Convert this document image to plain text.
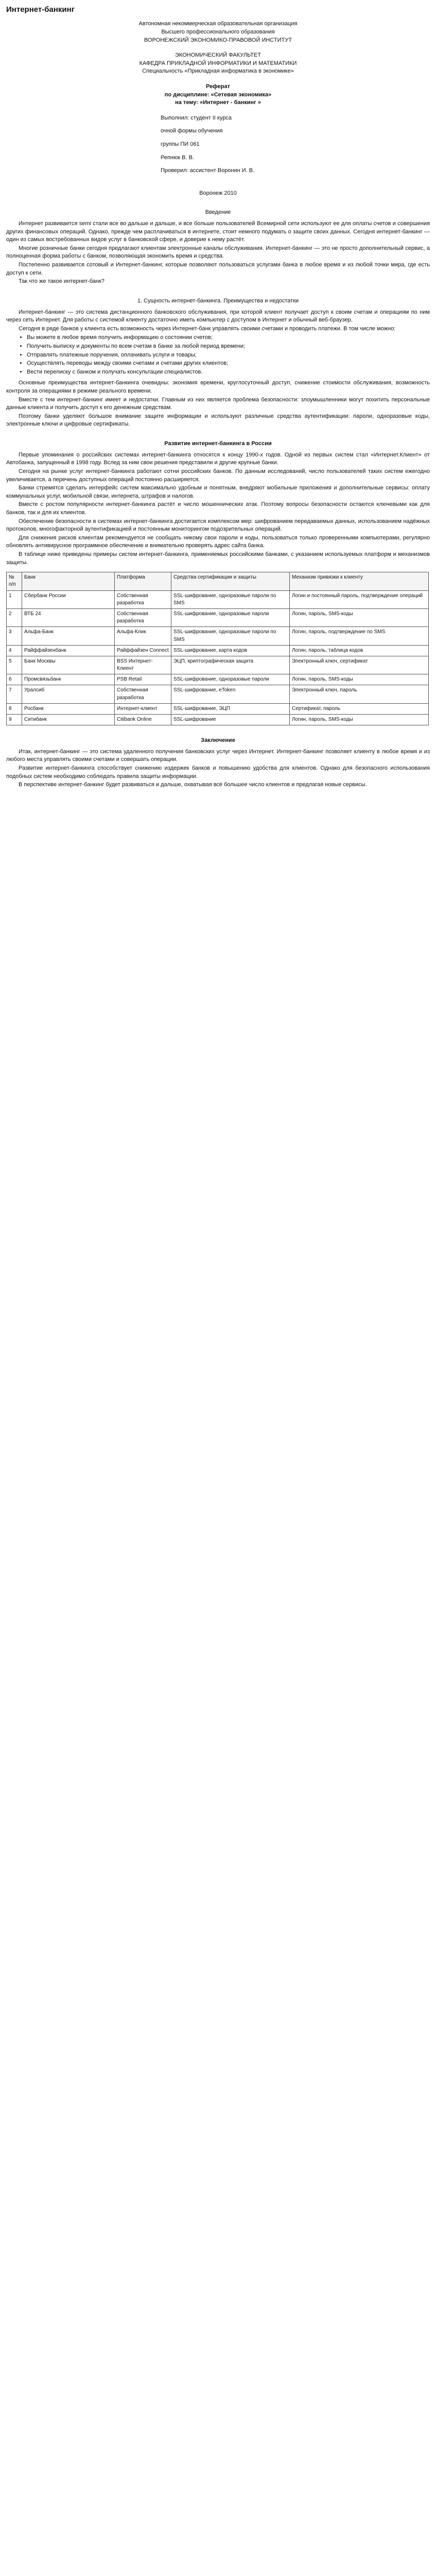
Интернет-банкинг

Автономная некоммерческая образовательная организация

Высшего профессионального образования

ВОРОНЕЖСКИЙ ЭКОНОМИКО-ПРАВОВОЙ ИНСТИТУТ

ЭКОНОМИЧЕСКИЙ ФАКУЛЬТЕТ

КАФЕДРА ПРИКЛАДНОЙ ИНФОРМАТИКИ И МАТЕМАТИКИ

Специальность «Прикладная информатика в экономике»

Реферат

по дисциплине: «Сетевая экономика»

на тему: «Интернет - банкинг »

Выполнил: студент II курса

очной формы обучения

группы ПИ 061

Репнюк В. В.

Проверил: ассистент Воронин И. В.

Воронеж 2010

Введение

Интернет развивается semi стали все во дальше и дальше, и все больше пользователей Всемирной сети используют ее для оплаты счетов и совершения других финансовых операций. Однако, прежде чем расплачиваться в интернете, стоит немного подумать о защите своих данных. Сегодня интернет-банкинг — один из самых востребованных видов услуг в банковской сфере, и доверие к нему растёт.

Многие розничные банки сегодня предлагают клиентам электронные каналы обслуживания. Интернет-банкинг — это не просто дополнительный сервис, а полноценная форма работы с банком, позволяющая экономить время и средства.

Постепенно развивается сотовый и Интернет-банкинг, которые позволяют пользоваться услугами банка в любое время и из любой точки мира, где есть доступ к сети.

Так что же такое интернет-банк?

1. Сущность интернет-банкинга. Преимущества и недостатки

Интернет-банкинг — это система дистанционного банковского обслуживания, при которой клиент получает доступ к своим счетам и операциям по ним через сеть Интернет. Для работы с системой клиенту достаточно иметь компьютер с доступом в Интернет и обычный веб-браузер.

Сегодня в ряде банков у клиента есть возможность через Интернет-банк управлять своими счетами и проводить платежи. В том числе можно:

• Вы можете в любое время получить информацию о состоянии счетов;
• Получить выписку и документы по всем счетам в банке за любой период времени;
• Отправлять платежные поручения, оплачивать услуги и товары;
• Осуществлять переводы между своими счетами и счетами других клиентов;
• Вести переписку с банком и получать консультации специалистов.

Основные преимущества интернет-банкинга очевидны: экономия времени, круглосуточный доступ, снижение стоимости обслуживания, возможность контроля за операциями в режиме реального времени.

Вместе с тем интернет-банкинг имеет и недостатки. Главным из них является проблема безопасности: злоумышленники могут похитить персональные данные клиента и получить доступ к его денежным средствам.

Поэтому банки уделяют большое внимание защите информации и используют различные средства аутентификации: пароли, одноразовые коды, электронные ключи и цифровые сертификаты.

Развитие интернет-банкинга в России

Первые упоминания о российских системах интернет-банкинга относятся к концу 1990-х годов. Одной из первых систем стал «Интернет.Клиент» от Автобанка, запущенный в 1998 году. Вслед за ним свои решения представили и другие крупные банки.

Сегодня на рынке услуг интернет-банкинга работают сотни российских банков. По данным исследований, число пользователей таких систем ежегодно увеличивается, а перечень доступных операций постоянно расширяется.

Банки стремятся сделать интерфейс систем максимально удобным и понятным, внедряют мобильные приложения и дополнительные сервисы: оплату коммунальных услуг, мобильной связи, интернета, штрафов и налогов.

Вместе с ростом популярности интернет-банкинга растёт и число мошеннических атак. Поэтому вопросы безопасности остаются ключевыми как для банков, так и для их клиентов.

Обеспечение безопасности в системах интернет-банкинга достигается комплексом мер: шифрованием передаваемых данных, использованием надёжных протоколов, многофакторной аутентификацией и постоянным мониторингом подозрительных операций.

Для снижения рисков клиентам рекомендуется не сообщать никому свои пароли и коды, пользоваться только проверенными компьютерами, регулярно обновлять антивирусное программное обеспечение и внимательно проверять адрес сайта банка.

В таблице ниже приведены примеры систем интернет-банкинга, применяемых российскими банками, с указанием используемых платформ и механизмов защиты.

№ п/п	Банк	Платформа	Средства сертификации и защиты	Механизм привязки к клиенту
1	Сбербанк России	Собственная разработка	SSL-шифрование, одноразовые пароли по SMS	Логин и постоянный пароль, подтверждение операций
2	ВТБ 24	Собственная разработка	SSL-шифрование, одноразовые пароли	Логин, пароль, SMS-коды
3	Альфа-Банк	Альфа-Клик	SSL-шифрование, одноразовые пароли по SMS	Логин, пароль, подтверждение по SMS
4	Райффайзенбанк	Райффайзен Connect	SSL-шифрование, карта кодов	Логин, пароль, таблица кодов
5	Банк Москвы	BSS Интернет-Клиент	ЭЦП, криптографическая защита	Электронный ключ, сертификат
6	Промсвязьбанк	PSB Retail	SSL-шифрование, одноразовые пароли	Логин, пароль, SMS-коды
7	Уралсиб	Собственная разработка	SSL-шифрование, eToken	Электронный ключ, пароль
8	Росбанк	Интернет-клиент	SSL-шифрование, ЭЦП	Сертификат, пароль
9	Ситибанк	Citibank Online	SSL-шифрование	Логин, пароль, SMS-коды
Заключение

Итак, интернет-банкинг — это система удаленного получения банковских услуг через Интернет. Интернет-банкинг позволяет клиенту в любое время и из любого места управлять своими счетами и совершать операции.

Развитие интернет-банкинга способствует снижению издержек банков и повышению удобства для клиентов. Однако для безопасного использования подобных систем необходимо соблюдать правила защиты информации.

В перспективе интернет-банкинг будет развиваться и дальше, охватывая всё большее число клиентов и предлагая новые сервисы.
